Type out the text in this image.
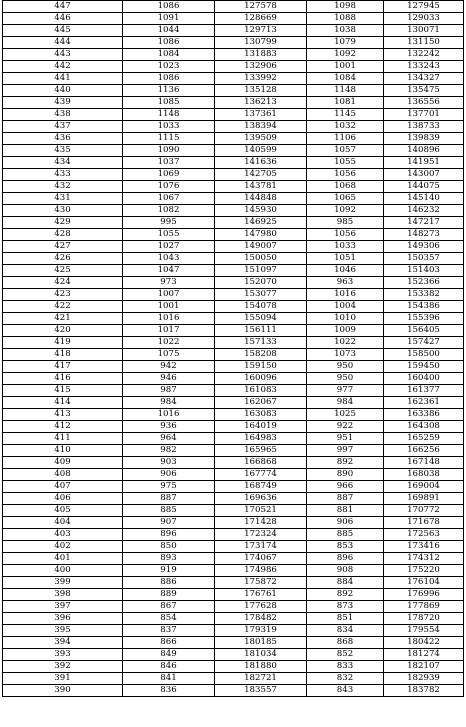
447	1086	127578	1098	127945
446	1091	128669	1088	129033
445	1044	129713	1038	130071
444	1086	130799	1079	131150
443	1084	131883	1092	132242
442	1023	132906	1001	133243
441	1086	133992	1084	134327
440	1136	135128	1148	135475
439	1085	136213	1081	136556
438	1148	137361	1145	137701
437	1033	138394	1032	138733
436	1115	139509	1106	139839
435	1090	140599	1057	140896
434	1037	141636	1055	141951
433	1069	142705	1056	143007
432	1076	143781	1068	144075
431	1067	144848	1065	145140
430	1082	145930	1092	146232
429	995	146925	985	147217
428	1055	147980	1056	148273
427	1027	149007	1033	149306
426	1043	150050	1051	150357
425	1047	151097	1046	151403
424	973	152070	963	152366
423	1007	153077	1016	153382
422	1001	154078	1004	154386
421	1016	155094	1010	155396
420	1017	156111	1009	156405
419	1022	157133	1022	157427
418	1075	158208	1073	158500
417	942	159150	950	159450
416	946	160096	950	160400
415	987	161083	977	161377
414	984	162067	984	162361
413	1016	163083	1025	163386
412	936	164019	922	164308
411	964	164983	951	165259
410	982	165965	997	166256
409	903	166868	892	167148
408	906	167774	890	168038
407	975	168749	966	169004
406	887	169636	887	169891
405	885	170521	881	170772
404	907	171428	906	171678
403	896	172324	885	172563
402	850	173174	853	173416
401	893	174067	896	174312
400	919	174986	908	175220
399	886	175872	884	176104
398	889	176761	892	176996
397	867	177628	873	177869
396	854	178482	851	178720
395	837	179319	834	179554
394	866	180185	868	180422
393	849	181034	852	181274
392	846	181880	833	182107
391	841	182721	832	182939
390	836	183557	843	183782
